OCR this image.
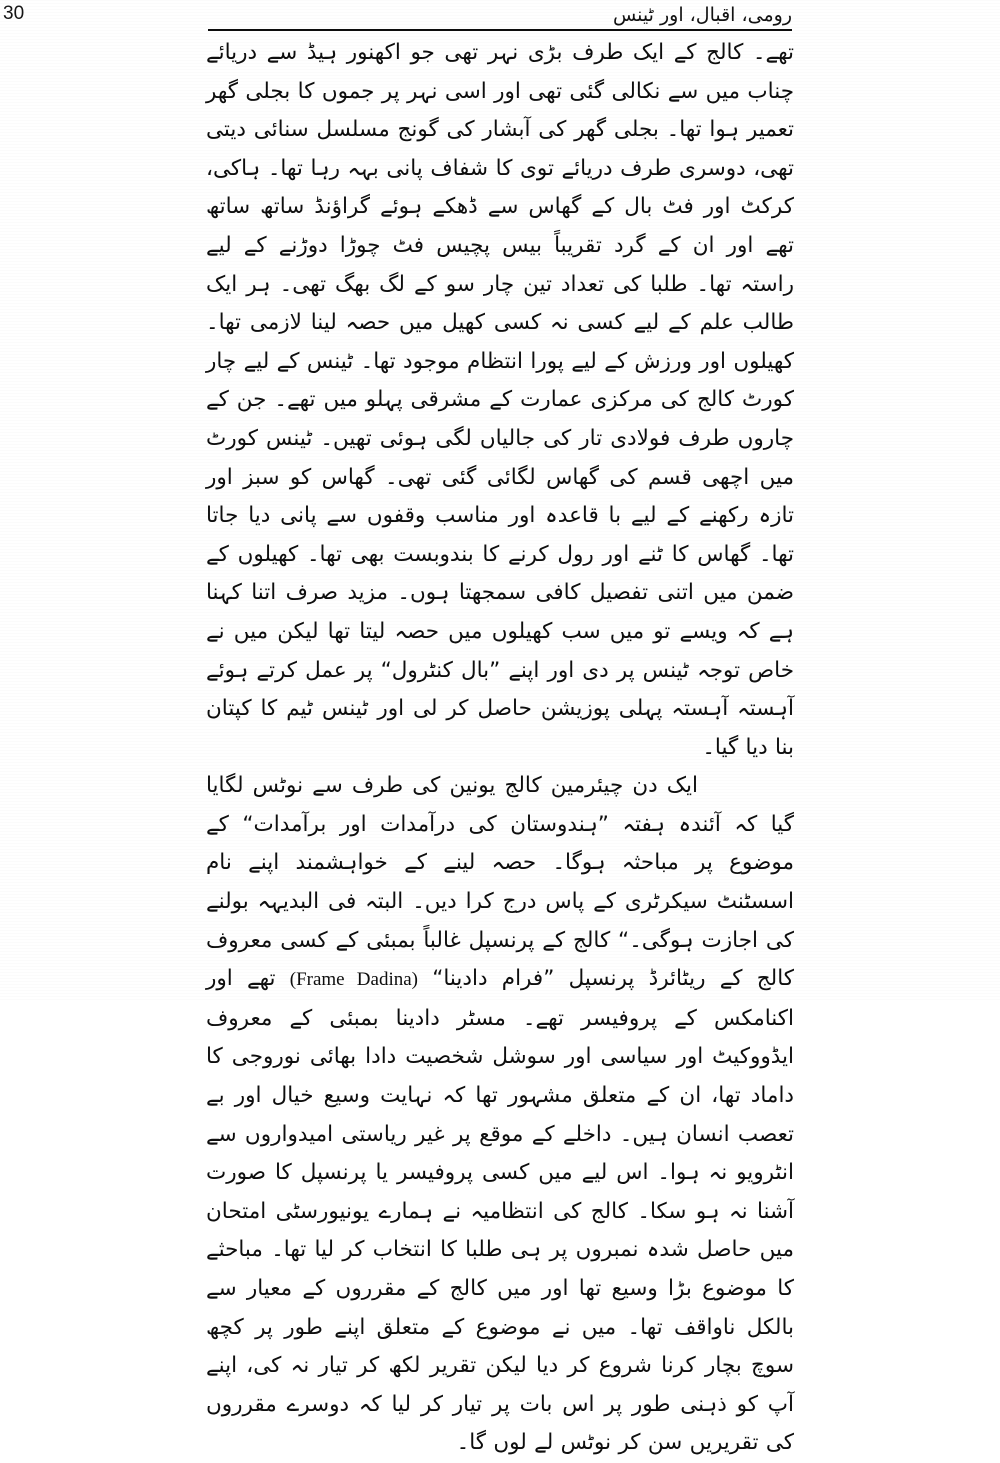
رومی، اقبال، اور ٹینس
30

تھے۔ کالج کے ایک طرف بڑی نہر تھی جو اکھنور ہیڈ سے دریائے چناب میں سے نکالی گئی تھی اور اسی نہر پر جموں کا بجلی گھر تعمیر ہوا تھا۔ بجلی گھر کی آبشار کی گونج مسلسل سنائی دیتی تھی، دوسری طرف دریائے توی کا شفاف پانی بہہ رہا تھا۔ ہاکی، کرکٹ اور فٹ بال کے گھاس سے ڈھکے ہوئے گراؤنڈ ساتھ ساتھ تھے اور ان کے گرد تقریباً بیس پچیس فٹ چوڑا دوڑنے کے لیے راستہ تھا۔ طلبا کی تعداد تین چار سو کے لگ بھگ تھی۔ ہر ایک طالب علم کے لیے کسی نہ کسی کھیل میں حصہ لینا لازمی تھا۔ کھیلوں اور ورزش کے لیے پورا انتظام موجود تھا۔ ٹینس کے لیے چار کورٹ کالج کی مرکزی عمارت کے مشرقی پہلو میں تھے۔ جن کے چاروں طرف فولادی تار کی جالیاں لگی ہوئی تھیں۔ ٹینس کورٹ میں اچھی قسم کی گھاس لگائی گئی تھی۔ گھاس کو سبز اور تازہ رکھنے کے لیے با قاعدہ اور مناسب وقفوں سے پانی دیا جاتا تھا۔ گھاس کا ٹنے اور رول کرنے کا بندوبست بھی تھا۔ کھیلوں کے ضمن میں اتنی تفصیل کافی سمجھتا ہوں۔ مزید صرف اتنا کہنا ہے کہ ویسے تو میں سب کھیلوں میں حصہ لیتا تھا لیکن میں نے خاص توجہ ٹینس پر دی اور اپنے ”بال کنٹرول“ پر عمل کرتے ہوئے آہستہ آہستہ پہلی پوزیشن حاصل کر لی اور ٹینس ٹیم کا کپتان بنا دیا گیا۔

ایک دن چیئرمین کالج یونین کی طرف سے نوٹس لگایا گیا کہ آئندہ ہفتہ ”ہندوستان کی درآمدات اور برآمدات“ کے موضوع پر مباحثہ ہوگا۔ حصہ لینے کے خواہشمند اپنے نام اسسٹنٹ سیکرٹری کے پاس درج کرا دیں۔ البتہ فی البدیہہ بولنے کی اجازت ہوگی۔“ کالج کے پرنسپل غالباً بمبئی کے کسی معروف کالج کے ریٹائرڈ پرنسپل ”فرام دادینا“ (Frame Dadina) تھے اور اکنامکس کے پروفیسر تھے۔ مسٹر دادینا بمبئی کے معروف ایڈووکیٹ اور سیاسی اور سوشل شخصیت دادا بھائی نوروجی کا داماد تھا، ان کے متعلق مشہور تھا کہ نہایت وسیع خیال اور بے تعصب انسان ہیں۔ داخلے کے موقع پر غیر ریاستی امیدواروں سے انٹرویو نہ ہوا۔ اس لیے میں کسی پروفیسر یا پرنسپل کا صورت آشنا نہ ہو سکا۔ کالج کی انتظامیہ نے ہمارے یونیورسٹی امتحان میں حاصل شدہ نمبروں پر ہی طلبا کا انتخاب کر لیا تھا۔ مباحثے کا موضوع بڑا وسیع تھا اور میں کالج کے مقرروں کے معیار سے بالکل ناواقف تھا۔ میں نے موضوع کے متعلق اپنے طور پر کچھ سوچ بچار کرنا شروع کر دیا لیکن تقریر لکھ کر تیار نہ کی، اپنے آپ کو ذہنی طور پر اس بات پر تیار کر لیا کہ دوسرے مقرروں کی تقریریں سن کر نوٹس لے لوں گا۔
